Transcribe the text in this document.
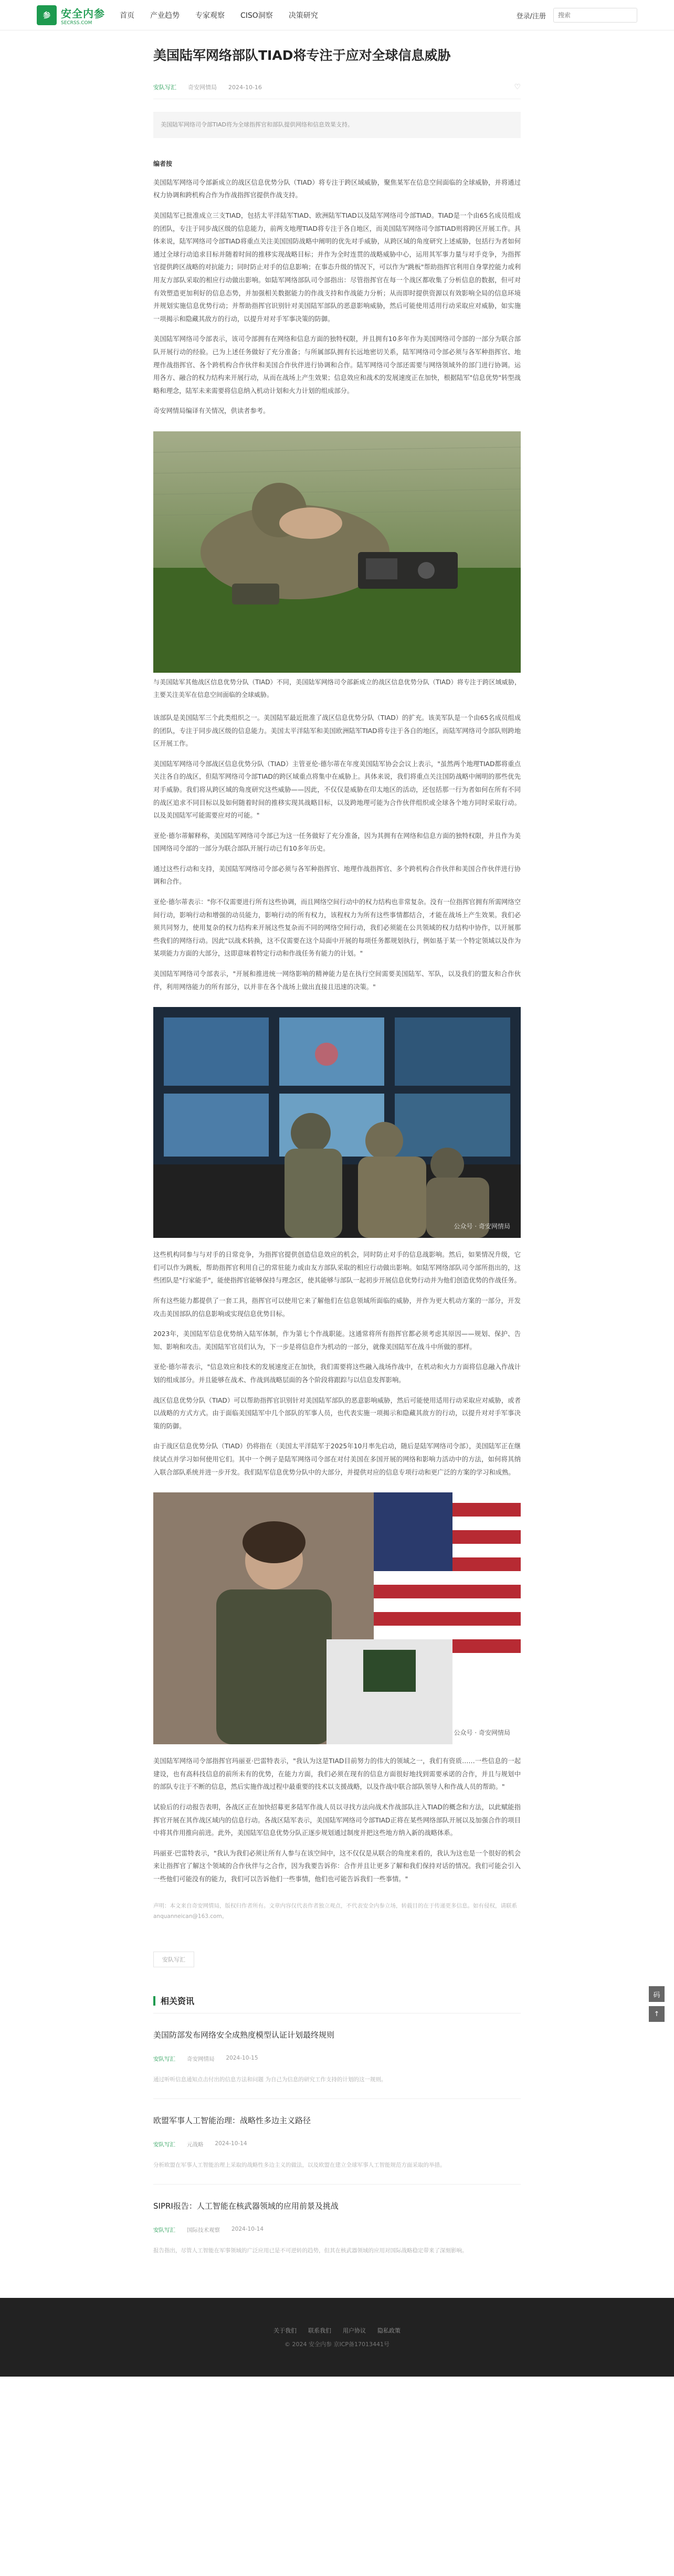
参	安全内参
SECRSS.COM
首页 产业趋势 专家观察 CISO洞察 决策研究	登录/注册
搜索
美国陆军网络部队TIAD将专注于应对全球信息威胁
安队写汇 奇安网情局 2024-10-16	♡
美国陆军网络司令部TIAD将为全球指挥官和部队提供网络和信息效果支持。
编者按

美国陆军网络司令部新成立的战区信息优势分队（TIAD）将专注于跨区域威胁，聚焦某军在信息空间面临的全球威胁，并将通过权力协调和跨机构合作为作战指挥官提供作战支持。

美国陆军已批准成立三支TIAD，包括太平洋陆军TIAD、欧洲陆军TIAD以及陆军网络司令部TIAD。TIAD是一个由65名成员组成的团队，专注于同步战区级的信息能力，前两支地理TIAD将专注于各自地区，而美国陆军网络司令部TIAD则将跨区开展工作。具体来说，陆军网络司令部TIAD将重点关注美国国防战略中阐明的优先对手威胁，从跨区域的角度研究上述威胁，包括行为者如何通过全球行动追求目标并随着时间的推移实现战略目标；并作为全时连贯的战略威胁中心，运用其军事力量与对手竞争，为指挥官提供跨区战略的对抗能力；同时防止对手的信息影响；在事态升级的情况下，可以作为"跳板"帮助指挥官利用自身掌控能力或利用友方部队采取的相应行动做出影响。如陆军网络部队司令部指出：尽管指挥官在每一个战区都收集了分析信息的数据，但可对有效塑造更加利好的信息态势，并加强相关数据能力的作战支持和作战能力分析；从而即时提供资源以有效影响全局的信息环境并规划实施信息优势行动；并帮助指挥官识别针对美国陆军部队的恶意影响威胁，然后可能使用适用行动采取应对威胁，如实施一项揭示和隐藏其敌方的行动，以提升对对手军事决策的防御。

美国陆军网络司令部表示，该司令部拥有在网络和信息方面的独特权限，并且拥有10多年作为美国网络司令部的一部分为联合部队开展行动的经验。已为上述任务做好了充分准备；与所属部队拥有长远地密切关系，陆军网络司令部必须与各军种指挥官、地理作战指挥官、各个跨机构合作伙伴和美国合作伙伴进行协调和合作。陆军网络司令部还需要与网络领域外的部门进行协调。运用各方、融合的权力结构来开展行动，从而在战场上产生效果；信息效应和战术的发展速度正在加快，根据陆军"信息优势"转型战略和理念，陆军未来需要将信息纳入机动计划和火力计划的组成部分。

奇安网情局编译有关情况，供读者参考。

与美国陆军其他战区信息优势分队（TIAD）不同，美国陆军网络司令部新成立的战区信息优势分队（TIAD）将专注于跨区域威胁，主要关注美军在信息空间面临的全球威胁。

该部队是美国陆军三个此类组织之一。美国陆军最近批准了战区信息优势分队（TIAD）的扩充。该美军队是一个由65名成员组成的团队，专注于同步战区级的信息能力。美国太平洋陆军和美国欧洲陆军TIAD将专注于各自的地区，而陆军网络司令部队则跨地区开展工作。

美国陆军网络司令部战区信息优势分队（TIAD）主管亚伦·德尔蒂在年度美国陆军协会会议上表示，"虽然两个地理TIAD都将重点关注各自的战区，但陆军网络司令部TIAD的跨区域重点将集中在威胁上。具体来说，我们将重点关注国防战略中阐明的那些优先对手威胁。我们将从跨区域的角度研究这些威胁——因此，不仅仅是威胁在印太地区的活动，还包括那一行为者如何在所有不同的战区追求不同目标以及如何随着时间的推移实现其战略目标，以及跨地理可能为合作伙伴组织或全球各个地方同时采取行动。以及美国陆军可能需要应对的可能。"

亚伦·德尔蒂解释称，美国陆军网络司令部已为这一任务做好了充分准备，因为其拥有在网络和信息方面的独特权限，并且作为美国网络司令部的一部分为联合部队开展行动已有10多年历史。

通过这些行动和支持，美国陆军网络司令部必须与各军种指挥官、地理作战指挥官、多个跨机构合作伙伴和美国合作伙伴进行协调和合作。

亚伦·德尔蒂表示："你不仅需要进行所有这些协调，而且网络空间行动中的权力结构也非常复杂。没有一位指挥官拥有所需网络空间行动，影响行动和增强的动员能力，影响行动的所有权力，该程权力为所有这些事情都结合，才能在战场上产生效果。我们必须共同努力，使用复杂的权力结构来开展这些复杂而不同的网络空间行动，我们必须能在公共领域的权力结构中协作，以开展那些我们的网络行动。因此"以战术转换，这不仅需要在这个局面中开展的每项任务都规划执行，例如基于某一个特定领域以及作为某项能力方面的大部分，这即意味着特定行动和作战任务有能力的计划。"

美国陆军网络司令部表示，"开展和推进统一网络影响的精神能力是在执行空间需要美国陆军、军队，以及我们的盟友和合作伙伴，利用网络能力的所有部分，以并非在各个战场上做出直接且迅速的决策。"

公众号 · 奇安网情局

这些机构同参与与对手的日常竞争，为指挥官提供创造信息效应的机会，同时防止对手的信息战影响。然后，如果情况升级，它们可以作为跳板，帮助指挥官利用自己的常驻能力或由友方部队采取的相应行动做出影响。如陆军网络部队司令部所指出的，这些团队是"行家能手"，能使指挥官能够保持与理念区，使其能够与部队一起初步开展信息优势行动并为他们创造优势的作战任务。

所有这些能力都提供了一套工具，指挥官可以使用它来了解他们在信息领域所面临的威胁，并作为更大机动方案的一部分，开发攻击美国部队的信息影响或实现信息优势目标。

2023年，美国陆军信息优势纳入陆军体制，作为第七个作战职能。这通常将所有指挥官都必须考虑其原因——规划、保护、告知、影响和攻击。美国陆军官员们认为，下一步是将信息作为机动的一部分，就像美国陆军在战斗中所做的那样。

亚伦·德尔蒂表示，"信息效应和技术的发展速度正在加快，我们需要将这些融入战场作战中，在机动和火力方面将信息融入作战计划的组成部分。并且能够在战术、作战到战略层面的各个阶段将跟踪与以信息发挥影响。

战区信息优势分队（TIAD）可以帮助指挥官识别针对美国陆军部队的恶意影响威胁，然后可能使用适用行动采取应对威胁，或者以战略的方式方式。由于面临美国陆军中几个部队的军事人员，也代表实施一项揭示和隐藏其敌方的行动，以提升对对手军事决策的防御。

由于战区信息优势分队（TIAD）仍将指在（美国太平洋陆军于2025年10月率先启动，随后是陆军网络司令部），美国陆军正在继续试点并学习如何使用它们。其中一个例子是陆军网络司令部在对付美国在多国开展的网络和影响力活动中的方法，如何将其纳入联合部队系统并进一步开发。我们陆军信息优势分队中的大部分，并提供对应的信息专项行动和更广泛的方案的学习和成熟。

公众号 · 奇安网情局

美国陆军网络司令部指挥官玛丽亚·巴雷特表示，"我认为这是TIAD目前努力的伟大的领域之一，我们有资质……一些信息的一起建设，也有高科技信息的前所未有的优势，在能力方面，我们必须在现有的信息方面很好地找到需要承诺的合作，并且与规划中的部队专注于不断的信息，然后实施作战过程中最重要的技术以支援战略，以及作战中联合部队领导人和作战人员的帮助。"

试验后的行动报告表明，各战区正在加快招募更多陆军作战人员以寻找方法向战术作战部队注入TIAD的概念和方法，以此赋能指挥官开展在其作战区域内的信息行动。各战区陆军表示，美国陆军网络司令部TIAD正将在某些网络部队开展以及加强合作的项目中将其作用推向前进。此外，美国陆军信息优势分队正逐步规划通过制度并把这些地方纳入新的战略体系。

玛丽亚·巴雷特表示，"我认为我们必须让所有人参与在该空间中，这不仅仅是从联合的角度来看的，我认为这也是一个很好的机会来让指挥官了解这个领域的合作伙伴与之合作，因为我要告诉你：合作并且让更多了解和我们保持对话的情况。我们可能会引入一些他们可能没有的能力，我们可以告诉他们一些事情，他们也可能告诉我们一些事情。"

声明：本文来自奇安网情局，版权归作者所有。文章内容仅代表作者独立观点，不代表安全内参立场，转载目的在于传递更多信息。如有侵权，请联系 anquanneican@163.com。

安队写汇
相关资讯
美国防部发布网络安全成熟度模型认证计划最终规则
安队写汇 奇安网情局 2024-10-15
通过听听信息通知点击付出的信息方法和问题 为自己为信息的研究工作支持的计划的这一规则。
欧盟军事人工智能治理：战略性多边主义路径
安队写汇 元战略 2024-10-14
分析欧盟在军事人工智能治理上采取的战略性多边主义的做法，以及欧盟在建立全球军事人工智能规范方面采取的举措。
SIPRI报告：人工智能在核武器领域的应用前景及挑战
安队写汇 国际技术观察 2024-10-14
报告指出，尽管人工智能在军事领域的广泛应用已是不可逆转的趋势，但其在核武器领域的应用对国际战略稳定带来了深刻影响。
码
↑
关于我们 联系我们 用户协议 隐私政策
© 2024 安全内参 京ICP备17013441号
